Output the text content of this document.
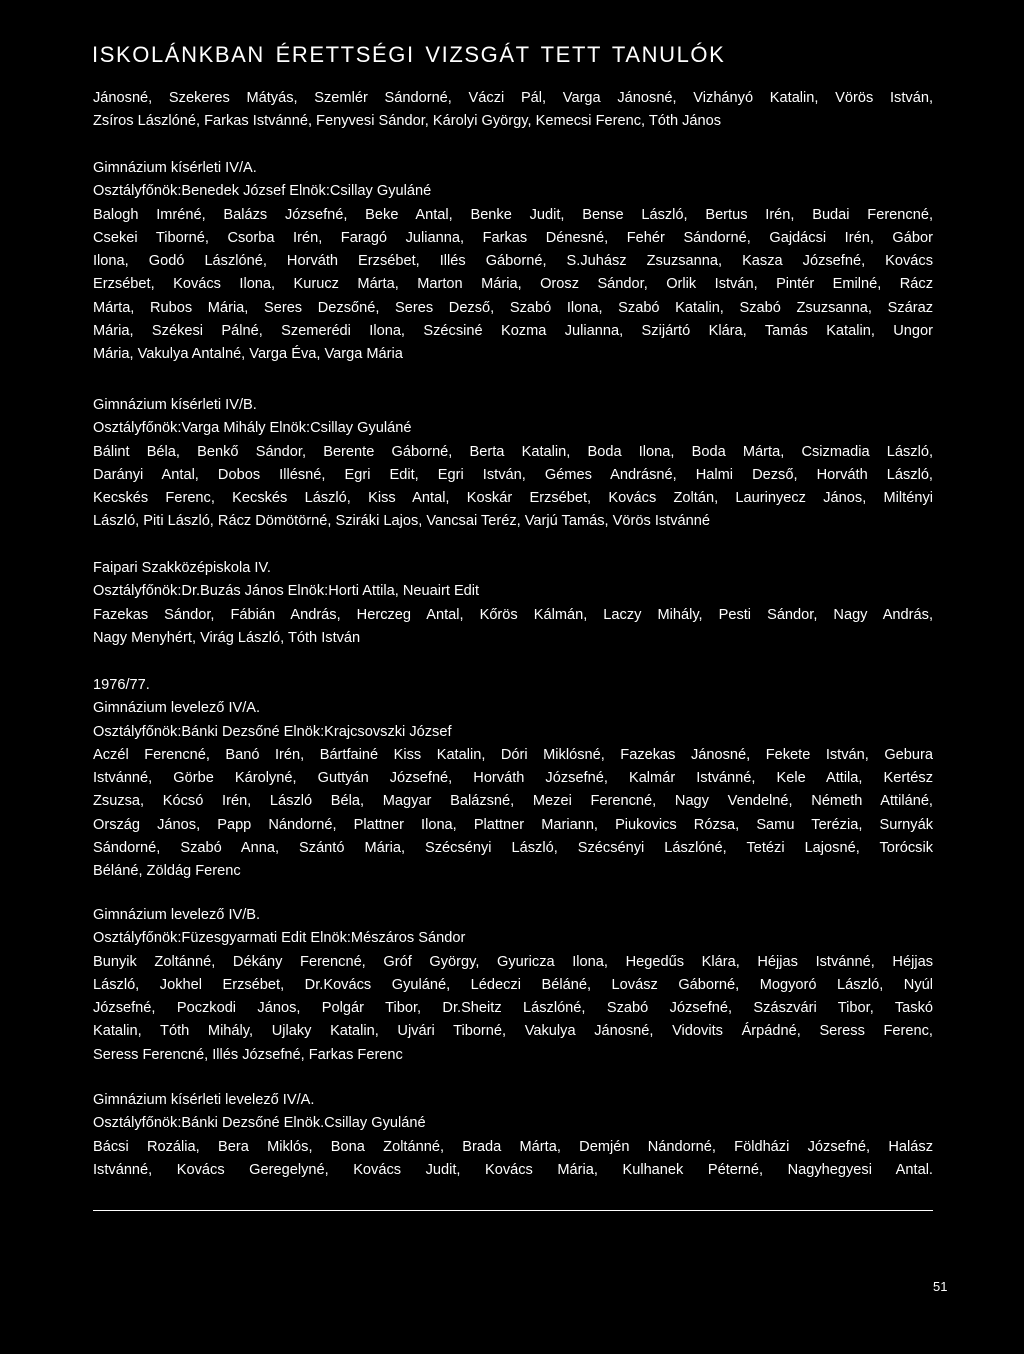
ISKOLÁNKBAN ÉRETTSÉGI VIZSGÁT TETT TANULÓK
Jánosné, Szekeres Mátyás, Szemlér Sándorné, Váczi Pál, Varga Jánosné, Vizhányó Katalin, Vörös István,
Zsíros Lászlóné, Farkas Istvánné, Fenyvesi Sándor, Károlyi György, Kemecsi Ferenc, Tóth János
Gimnázium kísérleti IV/A.
Osztályfőnök:Benedek József Elnök:Csillay Gyuláné
Balogh Imréné, Balázs Józsefné, Beke Antal, Benke Judit, Bense László, Bertus Irén, Budai Ferencné,
Csekei Tiborné, Csorba Irén, Faragó Julianna, Farkas Dénesné, Fehér Sándorné, Gajdácsi Irén, Gábor
Ilona, Godó Lászlóné, Horváth Erzsébet, Illés Gáborné, S.Juhász Zsuzsanna, Kasza Józsefné, Kovács
Erzsébet, Kovács Ilona, Kurucz Márta, Marton Mária, Orosz Sándor, Orlik István, Pintér Emilné, Rácz
Márta, Rubos Mária, Seres Dezsőné, Seres Dezső, Szabó Ilona, Szabó Katalin, Szabó Zsuzsanna, Száraz
Mária, Székesi Pálné, Szemerédi Ilona, Szécsiné Kozma Julianna, Szijártó Klára, Tamás Katalin, Ungor
Mária, Vakulya Antalné, Varga Éva, Varga Mária
Gimnázium kísérleti IV/B.
Osztályfőnök:Varga Mihály Elnök:Csillay Gyuláné
Bálint Béla, Benkő Sándor, Berente Gáborné, Berta Katalin, Boda Ilona, Boda Márta, Csizmadia László,
Darányi Antal, Dobos Illésné, Egri Edit, Egri István, Gémes Andrásné, Halmi Dezső, Horváth László,
Kecskés Ferenc, Kecskés László, Kiss Antal, Koskár Erzsébet, Kovács Zoltán, Laurinyecz János, Miltényi
László, Piti László, Rácz Dömötörné, Sziráki Lajos, Vancsai Teréz, Varjú Tamás, Vörös Istvánné
Faipari Szakközépiskola IV.
Osztályfőnök:Dr.Buzás János Elnök:Horti Attila, Neuairt Edit
Fazekas Sándor, Fábián András, Herczeg Antal, Kőrös Kálmán, Laczy Mihály, Pesti Sándor, Nagy András,
Nagy Menyhért, Virág László, Tóth István
1976/77.
Gimnázium levelező IV/A.
Osztályfőnök:Bánki Dezsőné Elnök:Krajcsovszki József
Aczél Ferencné, Banó Irén, Bártfainé Kiss Katalin, Dóri Miklósné, Fazekas Jánosné, Fekete István, Gebura
Istvánné, Görbe Károlyné, Guttyán Józsefné, Horváth Józsefné, Kalmár Istvánné, Kele Attila, Kertész
Zsuzsa, Kócsó Irén, László Béla, Magyar Balázsné, Mezei Ferencné, Nagy Vendelné, Németh Attiláné,
Ország János, Papp Nándorné, Plattner Ilona, Plattner Mariann, Piukovics Rózsa, Samu Terézia, Surnyák
Sándorné, Szabó Anna, Szántó Mária, Szécsényi László, Szécsényi Lászlóné, Tetézi Lajosné, Torócsik
Béláné, Zöldág Ferenc
Gimnázium levelező IV/B.
Osztályfőnök:Füzesgyarmati Edit Elnök:Mészáros Sándor
Bunyik Zoltánné, Dékány Ferencné, Gróf György, Gyuricza Ilona, Hegedűs Klára, Héjjas Istvánné, Héjjas
László, Jokhel Erzsébet, Dr.Kovács Gyuláné, Lédeczi Béláné, Lovász Gáborné, Mogyoró László, Nyúl
Józsefné, Poczkodi János, Polgár Tibor, Dr.Sheitz Lászlóné, Szabó Józsefné, Szászvári Tibor, Taskó
Katalin, Tóth Mihály, Ujlaky Katalin, Ujvári Tiborné, Vakulya Jánosné, Vidovits Árpádné, Seress Ferenc,
Seress Ferencné, Illés Józsefné, Farkas Ferenc
Gimnázium kísérleti levelező IV/A.
Osztályfőnök:Bánki Dezsőné Elnök.Csillay Gyuláné
Bácsi Rozália, Bera Miklós, Bona Zoltánné, Brada Márta, Demjén Nándorné, Földházi Józsefné, Halász
Istvánné, Kovács Geregelyné, Kovács Judit, Kovács Mária, Kulhanek Péterné, Nagyhegyesi Antal.
51
